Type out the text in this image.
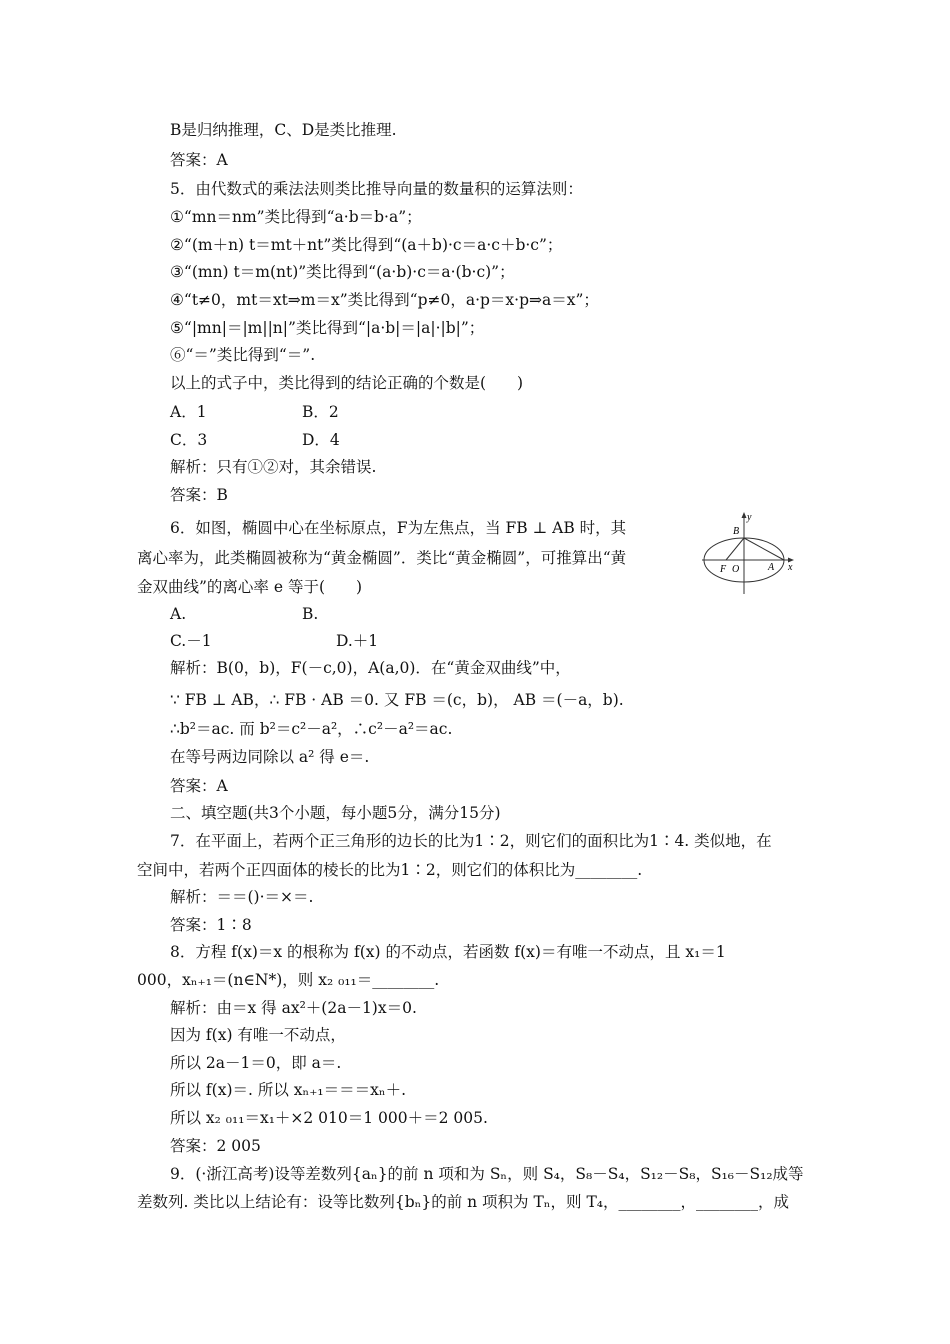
B是归纳推理，C、D是类比推理.
答案：A
5．由代数式的乘法法则类比推导向量的数量积的运算法则：
①“mn＝nm”类比得到“a·b＝b·a”；
②“(m＋n) t＝mt＋nt”类比得到“(a＋b)·c＝a·c＋b·c”；
③“(mn) t＝m(nt)”类比得到“(a·b)·c＝a·(b·c)”；
④“t≠0，mt＝xt⇒m＝x”类比得到“p≠0，a·p＝x·p⇒a＝x”；
⑤“|mn|＝|m||n|”类比得到“|a·b|＝|a|·|b|”；
⑥“＝”类比得到“＝”.
以上的式子中，类比得到的结论正确的个数是(　　)
A．1	B．2
C．3	D．4
解析：只有①②对，其余错误.
答案：B
6．如图，椭圆中心在坐标原点，F为左焦点，当 FB ⊥ AB 时，其
离心率为，此类椭圆被称为“黄金椭圆”．类比“黄金椭圆”，可推算出“黄
金双曲线”的离心率 e 等于(　　)
y
B
F O	A x
A.	B.
C.－1	D.＋1
解析：B(0，b)，F(－c,0)，A(a,0)．在“黄金双曲线”中，
∵ FB ⊥ AB，∴ FB · AB ＝0. 又 FB ＝(c，b)， AB ＝(－a，b).
∴b²＝ac. 而 b²＝c²－a²，∴c²－a²＝ac.
在等号两边同除以 a² 得 e＝.
答案：A
二、填空题(共3个小题，每小题5分，满分15分)
7．在平面上，若两个正三角形的边长的比为1∶2，则它们的面积比为1∶4. 类似地，在
空间中，若两个正四面体的棱长的比为1∶2，则它们的体积比为________.
解析：＝＝()·＝×＝.
答案：1∶8
8．方程 f(x)＝x 的根称为 f(x) 的不动点，若函数 f(x)＝有唯一不动点，且 x₁＝1
000，xₙ₊₁＝(n∈N*)，则 x₂ ₀₁₁＝________.
解析：由＝x 得 ax²＋(2a－1)x＝0.
因为 f(x) 有唯一不动点，
所以 2a－1＝0，即 a＝.
所以 f(x)＝. 所以 xₙ₊₁＝＝＝xₙ＋.
所以 x₂ ₀₁₁＝x₁＋×2 010＝1 000＋＝2 005.
答案：2 005
9．(·浙江高考)设等差数列{aₙ}的前 n 项和为 Sₙ，则 S₄，S₈－S₄，S₁₂－S₈，S₁₆－S₁₂成等
差数列. 类比以上结论有：设等比数列{bₙ}的前 n 项积为 Tₙ，则 T₄，________，________，成
